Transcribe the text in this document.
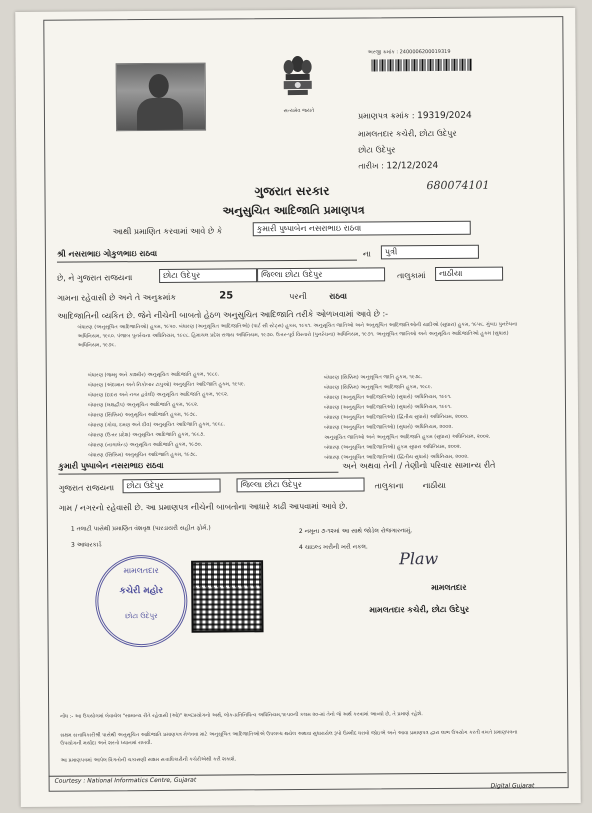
સત્યમેવ જયતે
અરજી ક્રમાંક : 2400006200019319
પ્રમાણપત્ર ક્રમાંક : 19319/2024
મામલતદાર કચેરી, છોટા ઉદેપુર
છોટા ઉદેપુર
તારીખ : 12/12/2024
680074101
ગુજરાત સરકાર
અનુસુચિત આદિજાતિ પ્રમાણપત્ર
આથી પ્રમાણિત કરવામાં આવે છે કે	કુમારી પુષ્પાબેન નસરાભાઇ રાઠવા
શ્રી નસરાભાઇ ગોકુળભાઇ રાઠવા	ના	પુત્રી
છે, ને ગુજરાત રાજયના	છોટા ઉદેપુર	જિલ્લા છોટા ઉદેપુર	તાલુકામાં	નાઠીયા
ગામના રહેવાસી છે અને તે અનુક્રમાંક	25	પરની	રાઠવા
આદિજાતિની વ્યકિત છે. જેને નીચેની બાબતો હેઠળ અનુસુચિત આદિજાતિ તરીકે ઓળખવામાં આવે છે :-
બંધારણ (અનુસૂચિત આદિજાતિઓ) હુકમ, ૧૯૫૦. બંધારણ (અનુસૂચિત આદિજાતિઓ) (પાર્ટ સી સ્ટેટ્સ) હુકમ, ૧૯૫૧. અનુસૂચિત જાતિઓ અને અનુસૂચિત આદિજાતિઓની યાદીઓ (સુધારા) હુકમ, ૧૯૫૬. મુંબઇ પુનર્રચના અધિનિયમ, ૧૯૬૦. પંજાબ પુનર્રચના અધિનિયમ, ૧૯૬૬. હિમાચલ પ્રદેશ રાજય અધિનિયમ, ૧૯૭૦. ઉત્તર-પૂર્વ વિસ્તારો (પુનર્રચના) અધિનિયમ, ૧૯૭૧. અનુસૂચિત જાતિઓ અને અનુસૂચિત આદિજાતિઓ હુકમ (સુધારા) અધિનિયમ, ૧૯૭૬.
બંધારણ (જમ્મુ અને કાશ્મીર) અનુસૂચિત આદિજાતિ હુકમ, ૧૯૮૯.
બંધારણ (અંદામાન અને નિકોબાર ટાપુઓ) અનુસૂચિત આદિજાતિ હુકમ, ૧૯૫૯.
બંધારણ (દાદરા અને નગર હવેલી) અનુસૂચિત આદિજાતિ હુકમ, ૧૯૬૨.
બંધારણ (લક્ષદ્વીપ) અનુસૂચિત આદિજાતિ હુકમ, ૧૯૬૨.
બંધારણ (સિક્કિમ) અનુસૂચિત આદિજાતિ હુકમ, ૧૯૭૮.
બંધારણ (ગોવા, દમણ અને દીવ) અનુસૂચિત આદિજાતિ હુકમ, ૧૯૬૮.
બંધારણ (ઉત્તર પ્રદેશ) અનુસૂચિત આદિજાતિ હુકમ, ૧૯૬૭.
બંધારણ (નાગાલેન્ડ) અનુસૂચિત આદિજાતિ હુકમ, ૧૯૭૦.
બંધારણ (સિક્કિમ) અનુસૂચિત આદિજાતિ હુકમ, ૧૯૭૮.
બંધારણ (સિક્કિમ) અનુસૂચિત જાતિ હુકમ, ૧૯૭૮.
બંધારણ (સિક્કિમ) અનુસૂચિત આદિજાતિ હુકમ, ૧૯૮૯.
બંધારણ (અનુસૂચિત આદિજાતિઓ) (સુધારો) અધિનિયમ, ૧૯૯૧.
બંધારણ (અનુસૂચિત આદિજાતિઓ) (સુધારો) અધિનિયમ, ૧૯૯૧.
બંધારણ (અનુસૂચિત આદિજાતિઓ) (દ્વિતીય સુધારો) અધિનિયમ, ૨૦૦૦.
બંધારણ (અનુસૂચિત આદિજાતિઓ) (સુધારો) અધિનિયમ, ૨૦૦૨.
અનુસૂચિત જાતિઓ અને અનુસૂચિત આદિજાતિ હુકમ (સુધારા) અધિનિયમ, ૨૦૦૨.
બંધારણ (અનુસૂચિત આદિજાતિઓ) હુકમ સુધારા અધિનિયમ, ૨૦૦૨.
બંધારણ (અનુસૂચિત આદિજાતિઓ) (દ્વિતીય સુધારો) અધિનિયમ, ૨૦૦૨.
કુમારી પુષ્પાબેન નસરાભાઇ રાઠવા	અને અથવા તેની / તેણીનો પરિવાર સામાન્ય રીતે
ગુજરાત રાજયના	છોટા ઉદેપુર	જિલ્લા છોટા ઉદેપુર	તાલુકાના નાઠીયા
ગામ / નગરનો રહેવાસી છે. આ પ્રમાણપત્ર નીચેની બાબતોના આધારે કાઢી આપવામાં આવે છે.
1 તલાટી પાસેથી પ્રમાણિત વંશવૃક્ષ (પારડાયરી સહીત ફોર્મ.)
3 આધારકાર્ડ
2 નમૂના ૭-૧૨માં આ સાથે જોડેલ રોજગારનામું.
4 ચાઇલ્ડ ખરીની ખરી નકલ.
મામલતદાર
કચેરી મહોર
છોટા ઉદેપુર
Plaw
મામલતદાર
મામલતદાર કચેરી, છોટા ઉદેપુર
નોંધ :- આ ઉપયોગમાં લેવાયેલ "સામાન્ય રીતે રહેવાસી (ઓ)" શબ્દપ્રયોગનો અર્થ, લોક-પ્રતિનિધિત્વ અધિનિયમ,૧૯૫૦ની કલમ ૨૦-માં તેનો જે અર્થ કરવામાં આવ્યો છે, તે પ્રમાણે રહેશે.
સક્ષમ સત્તાધિકારીશ્રી પાસેથી અનુસૂચિત આદિજાતિ પ્રમાણપત્ર મેળવવા માટે અનુસૂચિત આદિજાતિઓએ ઉપલબ્ધ થયેલ અથવા સુધારાયેલ રૂપો ઉમ્મીદ ધરાવો જોઇએ અને આવા પ્રમાણપત્ર દ્વારા લાભ ઉપયોગ કરતી વખતે પ્રમાણપત્રના ઉપયોગની મર્યાદા અને શરતો ધ્યાનમાં રાખવી.
આ પ્રમાણપત્રમાં આપેલ વિગતોની ચકાસણી સક્ષમ સત્તાધિકારીની કચેરીએથી કરી શકાશે.
Courtesy : National Informatics Centre, Gujarat
Digital Gujarat
